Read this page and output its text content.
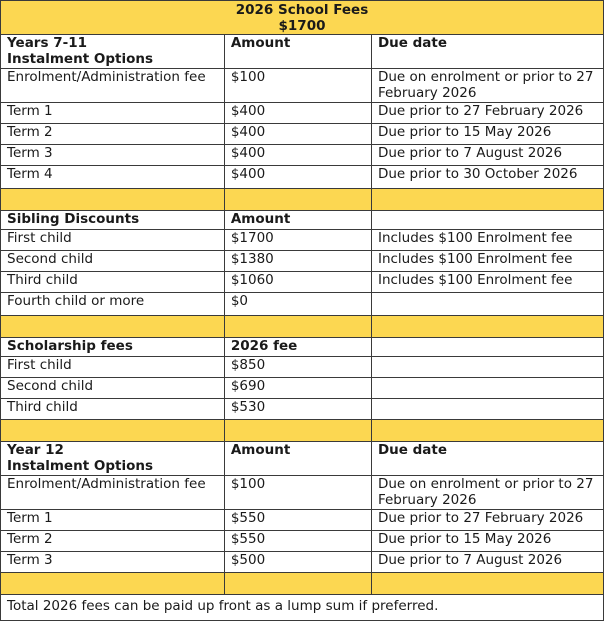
2026 School Fees
$1700		

Years 7-11
Instalment Options	Amount	Due date
Enrolment/Administration fee	$100	Due on enrolment or prior to 27 February 2026
Term 1	$400	Due prior to 27 February 2026
Term 2	$400	Due prior to 15 May 2026
Term 3	$400	Due prior to 7 August 2026
Term 4	$400	Due prior to 30 October 2026

Sibling Discounts	Amount	
First child	$1700	Includes $100 Enrolment fee
Second child	$1380	Includes $100 Enrolment fee
Third child	$1060	Includes $100 Enrolment fee
Fourth child or more	$0	

Scholarship fees	2026 fee	
First child	$850	
Second child	$690	
Third child	$530	

Year 12
Instalment Options	Amount	Due date
Enrolment/Administration fee	$100	Due on enrolment or prior to 27 February 2026
Term 1	$550	Due prior to 27 February 2026
Term 2	$550	Due prior to 15 May 2026
Term 3	$500	Due prior to 7 August 2026

Total 2026 fees can be paid up front as a lump sum if preferred.		
